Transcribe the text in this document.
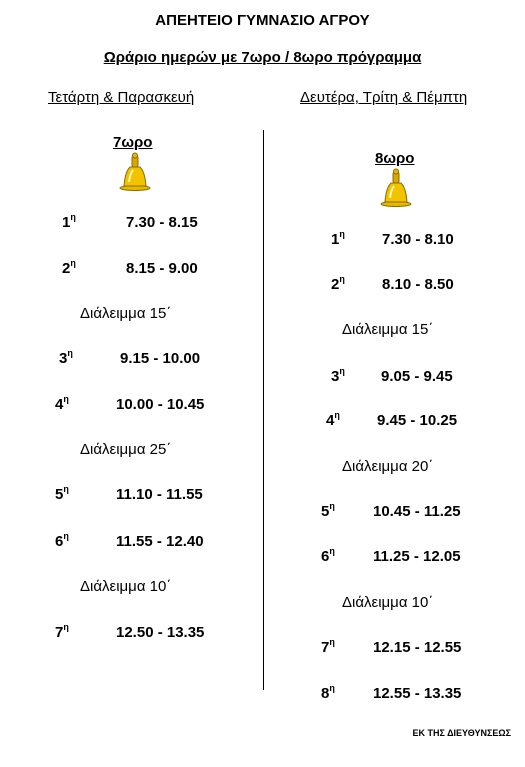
ΑΠΕΗΤΕΙΟ ΓΥΜΝΑΣΙΟ ΑΓΡΟΥ
Ωράριο ημερών με 7ωρο / 8ωρο πρόγραμμα
Τετάρτη & Παρασκευή	Δευτέρα, Τρίτη & Πέμπτη
7ωρο
$1^\eta$	7.30 - 8.15
$2^\eta$	8.15 - 9.00
Διάλειμμα 15΄
$3^\eta$	9.15 - 10.00
$4^\eta$	10.00 - 10.45
Διάλειμμα 25΄
$5^\eta$	11.10 - 11.55
$6^\eta$	11.55 - 12.40
Διάλειμμα 10΄
$7^\eta$	12.50 - 13.35
8ωρο
$1^\eta$ 7.30 - 8.10
$2^\eta$ 8.10 - 8.50
Διάλειμμα 15΄
$3^\eta$ 9.05 - 9.45
$4^\eta$ 9.45 - 10.25
Διάλειμμα 20΄
$5^\eta$	10.45 - 11.25
$6^\eta$	11.25 - 12.05
Διάλειμμα 10΄
$7^\eta$	12.15 - 12.55
$8^\eta$	12.55 - 13.35
ΕΚ ΤΗΣ ΔΙΕΥΘΥΝΣΕΩΣ
